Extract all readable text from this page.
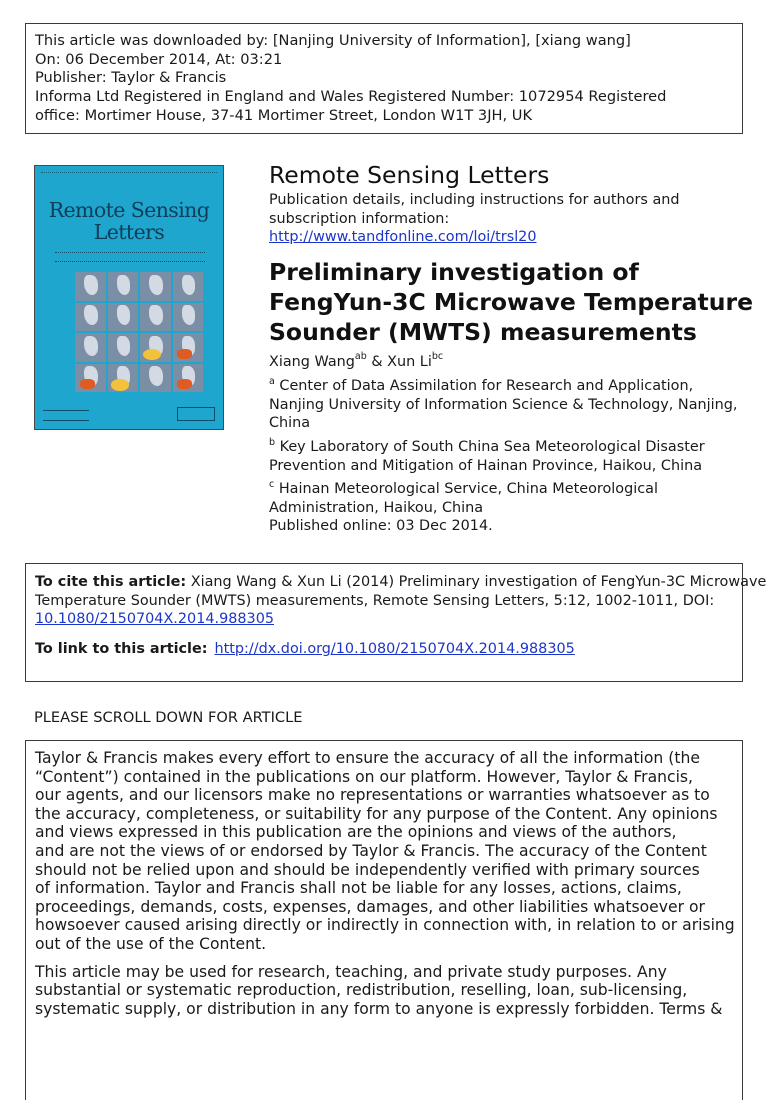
This article was downloaded by: [Nanjing University of Information], [xiang wang]
On: 06 December 2014, At: 03:21
Publisher: Taylor & Francis
Informa Ltd Registered in England and Wales Registered Number: 1072954 Registered
office: Mortimer House, 37-41 Mortimer Street, London W1T 3JH, UK
Remote Sensing
Letters
Remote Sensing Letters
Publication details, including instructions for authors and
subscription information:
http://www.tandfonline.com/loi/trsl20
Preliminary investigation of
FengYun-3C Microwave Temperature
Sounder (MWTS) measurements
Xiang Wang$^{ab}$ & Xun $Li^{bc}$
$^a$ Center of Data Assimilation for Research and Application,
Nanjing University of Information Science & Technology, Nanjing,
China
$^b$ Key Laboratory of South China Sea Meteorological Disaster
Prevention and Mitigation of Hainan Province, Haikou, China
$^c$ Hainan Meteorological Service, China Meteorological
Administration, Haikou, China
Published online: 03 Dec 2014.
To cite this article: Xiang Wang & Xun Li (2014) Preliminary investigation of FengYun-3C Microwave
Temperature Sounder (MWTS) measurements, Remote Sensing Letters, 5:12, 1002-1011, DOI:
10.1080/2150704X.2014.988305
To link to this article: http://dx.doi.org/10.1080/2150704X.2014.988305
PLEASE SCROLL DOWN FOR ARTICLE
Taylor & Francis makes every effort to ensure the accuracy of all the information (the
“Content”) contained in the publications on our platform. However, Taylor & Francis,
our agents, and our licensors make no representations or warranties whatsoever as to
the accuracy, completeness, or suitability for any purpose of the Content. Any opinions
and views expressed in this publication are the opinions and views of the authors,
and are not the views of or endorsed by Taylor & Francis. The accuracy of the Content
should not be relied upon and should be independently verified with primary sources
of information. Taylor and Francis shall not be liable for any losses, actions, claims,
proceedings, demands, costs, expenses, damages, and other liabilities whatsoever or
howsoever caused arising directly or indirectly in connection with, in relation to or arising
out of the use of the Content.
This article may be used for research, teaching, and private study purposes. Any
substantial or systematic reproduction, redistribution, reselling, loan, sub-licensing,
systematic supply, or distribution in any form to anyone is expressly forbidden. Terms &
